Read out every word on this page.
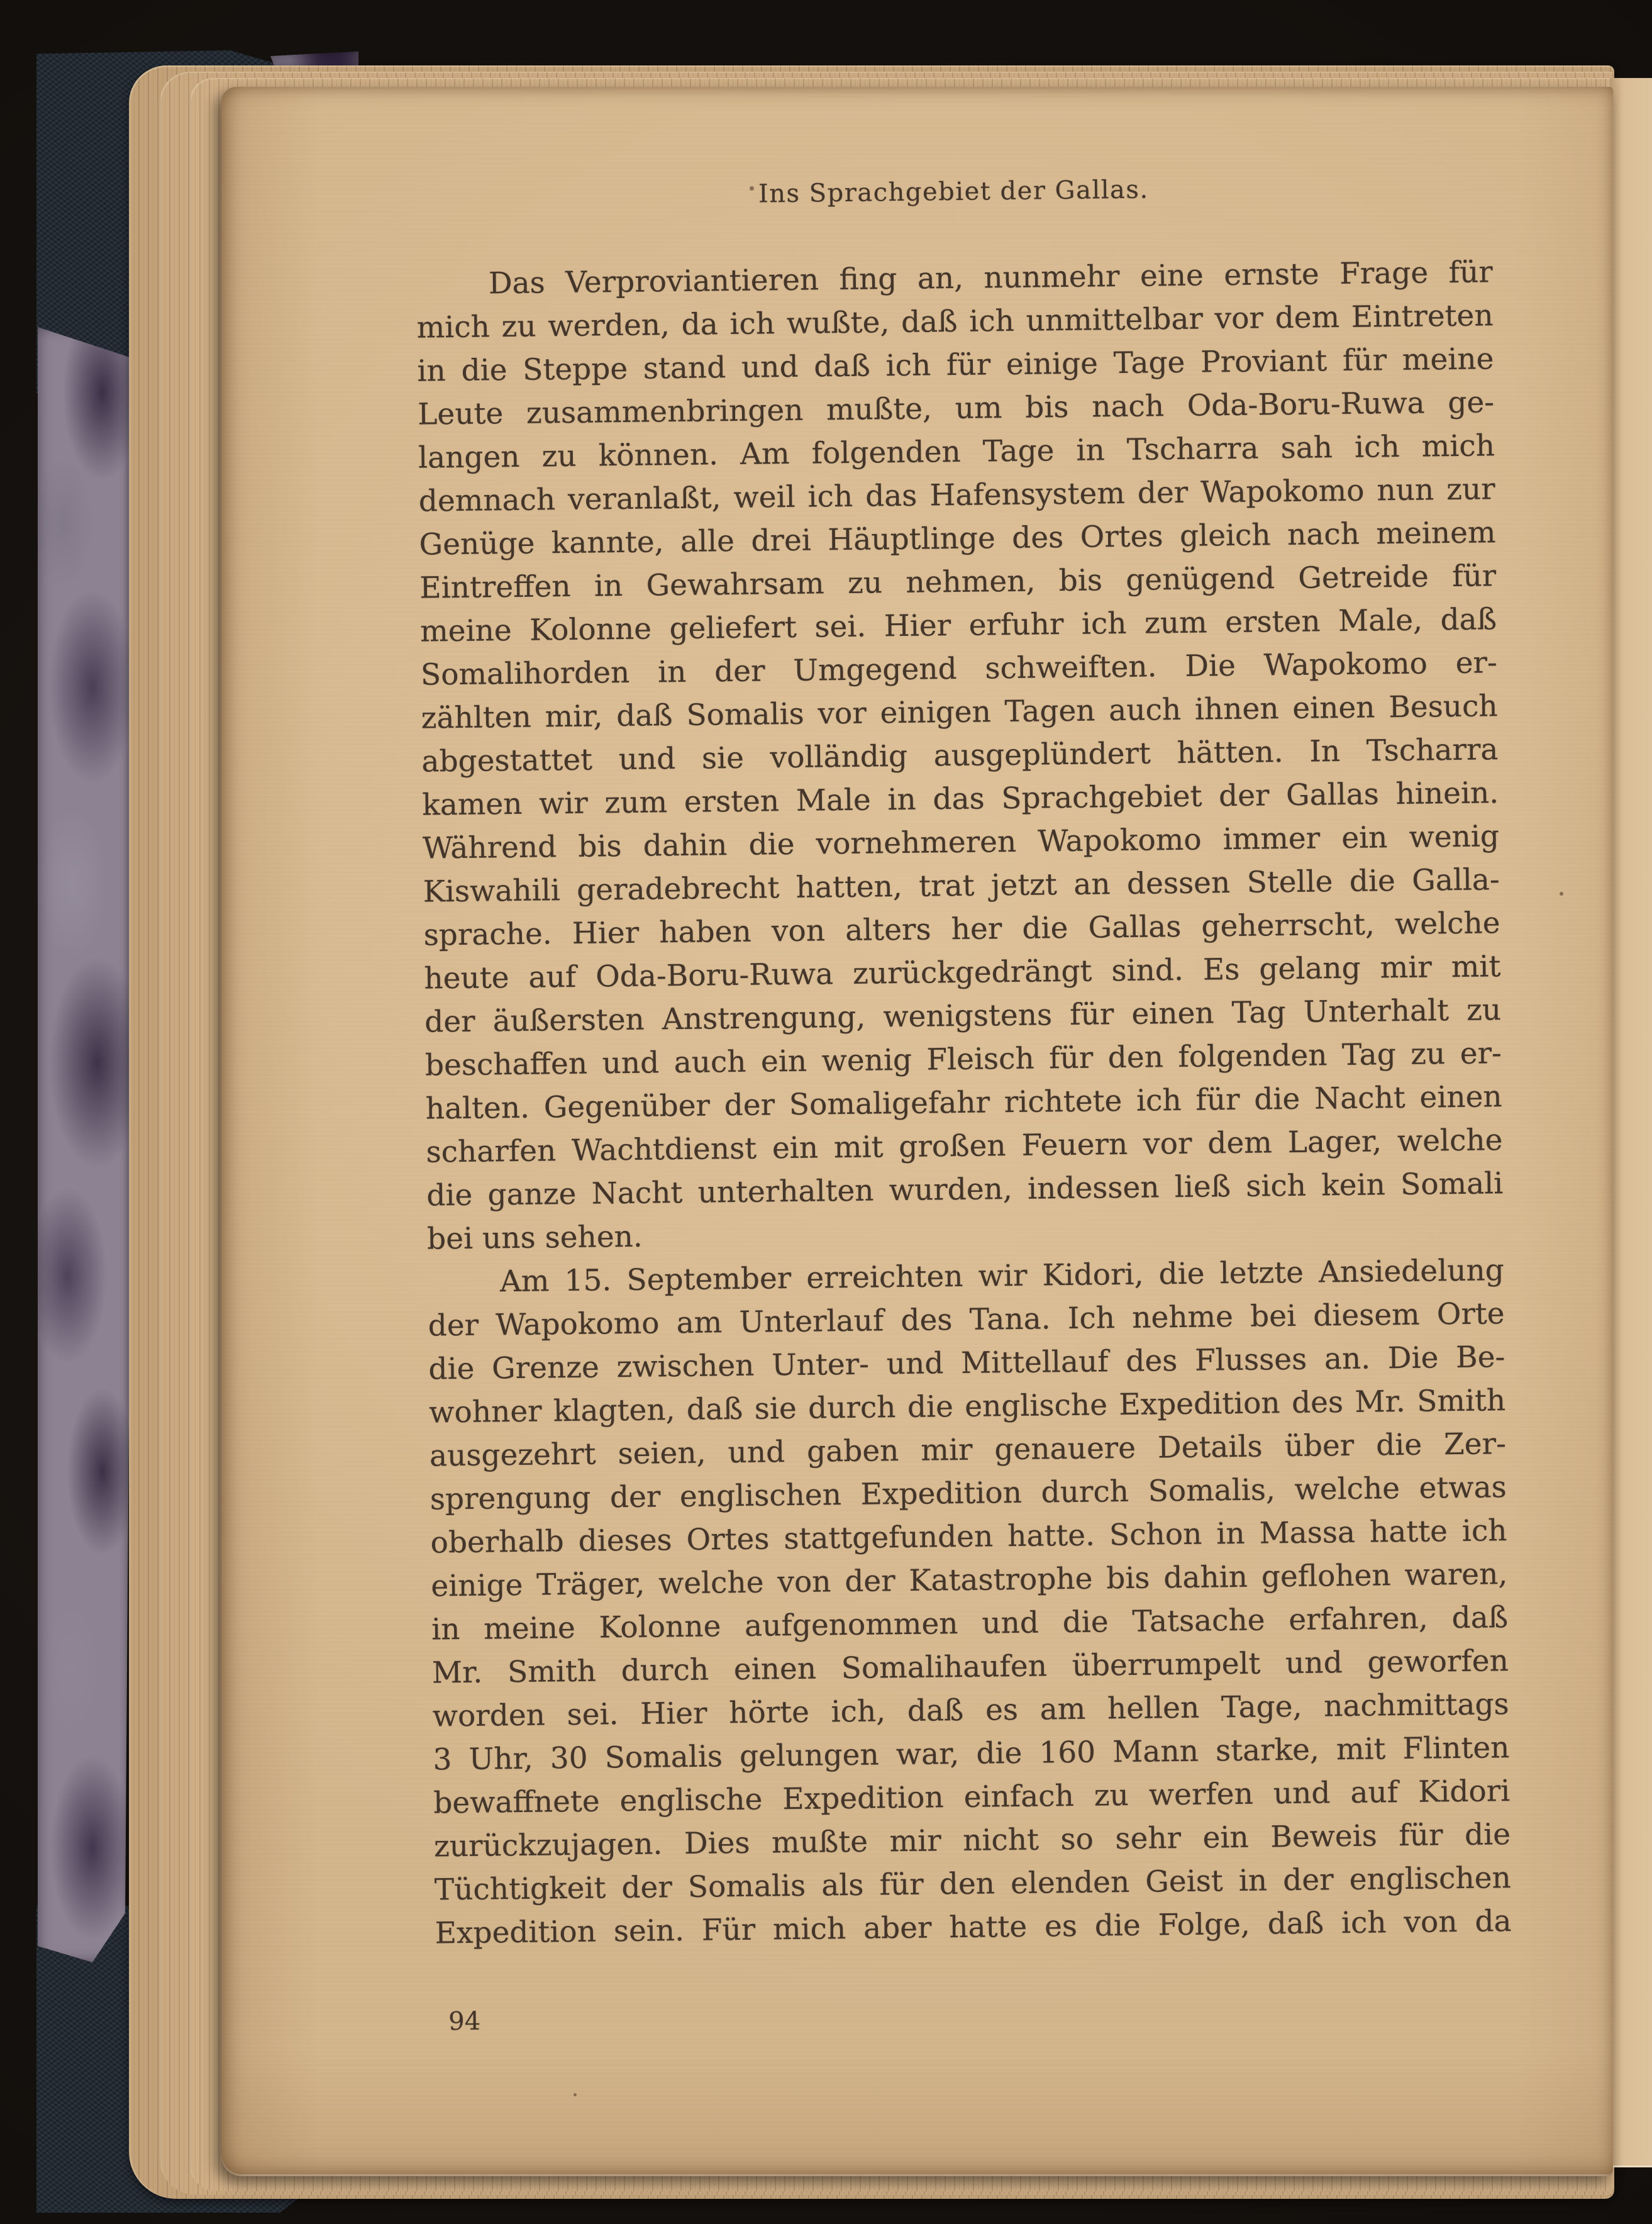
Ins Sprachgebiet der Gallas.
Das Verproviantieren fing an, nunmehr eine ernste Frage für
mich zu werden, da ich wußte, daß ich unmittelbar vor dem Eintreten
in die Steppe stand und daß ich für einige Tage Proviant für meine
Leute zusammenbringen mußte, um bis nach Oda-Boru-Ruwa ge-
langen zu können. Am folgenden Tage in Tscharra sah ich mich
demnach veranlaßt, weil ich das Hafensystem der Wapokomo nun zur
Genüge kannte, alle drei Häuptlinge des Ortes gleich nach meinem
Eintreffen in Gewahrsam zu nehmen, bis genügend Getreide für
meine Kolonne geliefert sei. Hier erfuhr ich zum ersten Male, daß
Somalihorden in der Umgegend schweiften. Die Wapokomo er-
zählten mir, daß Somalis vor einigen Tagen auch ihnen einen Besuch
abgestattet und sie volländig ausgeplündert hätten. In Tscharra
kamen wir zum ersten Male in das Sprachgebiet der Gallas hinein.
Während bis dahin die vornehmeren Wapokomo immer ein wenig
Kiswahili geradebrecht hatten, trat jetzt an dessen Stelle die Galla-
sprache. Hier haben von alters her die Gallas geherrscht, welche
heute auf Oda-Boru-Ruwa zurückgedrängt sind. Es gelang mir mit
der äußersten Anstrengung, wenigstens für einen Tag Unterhalt zu
beschaffen und auch ein wenig Fleisch für den folgenden Tag zu er-
halten. Gegenüber der Somaligefahr richtete ich für die Nacht einen
scharfen Wachtdienst ein mit großen Feuern vor dem Lager, welche
die ganze Nacht unterhalten wurden, indessen ließ sich kein Somali
bei uns sehen.
Am 15. September erreichten wir Kidori, die letzte Ansiedelung
der Wapokomo am Unterlauf des Tana. Ich nehme bei diesem Orte
die Grenze zwischen Unter- und Mittellauf des Flusses an. Die Be-
wohner klagten, daß sie durch die englische Expedition des Mr. Smith
ausgezehrt seien, und gaben mir genauere Details über die Zer-
sprengung der englischen Expedition durch Somalis, welche etwas
oberhalb dieses Ortes stattgefunden hatte. Schon in Massa hatte ich
einige Träger, welche von der Katastrophe bis dahin geflohen waren,
in meine Kolonne aufgenommen und die Tatsache erfahren, daß
Mr. Smith durch einen Somalihaufen überrumpelt und geworfen
worden sei. Hier hörte ich, daß es am hellen Tage, nachmittags
3 Uhr, 30 Somalis gelungen war, die 160 Mann starke, mit Flinten
bewaffnete englische Expedition einfach zu werfen und auf Kidori
zurückzujagen. Dies mußte mir nicht so sehr ein Beweis für die
Tüchtigkeit der Somalis als für den elenden Geist in der englischen
Expedition sein. Für mich aber hatte es die Folge, daß ich von da
94
